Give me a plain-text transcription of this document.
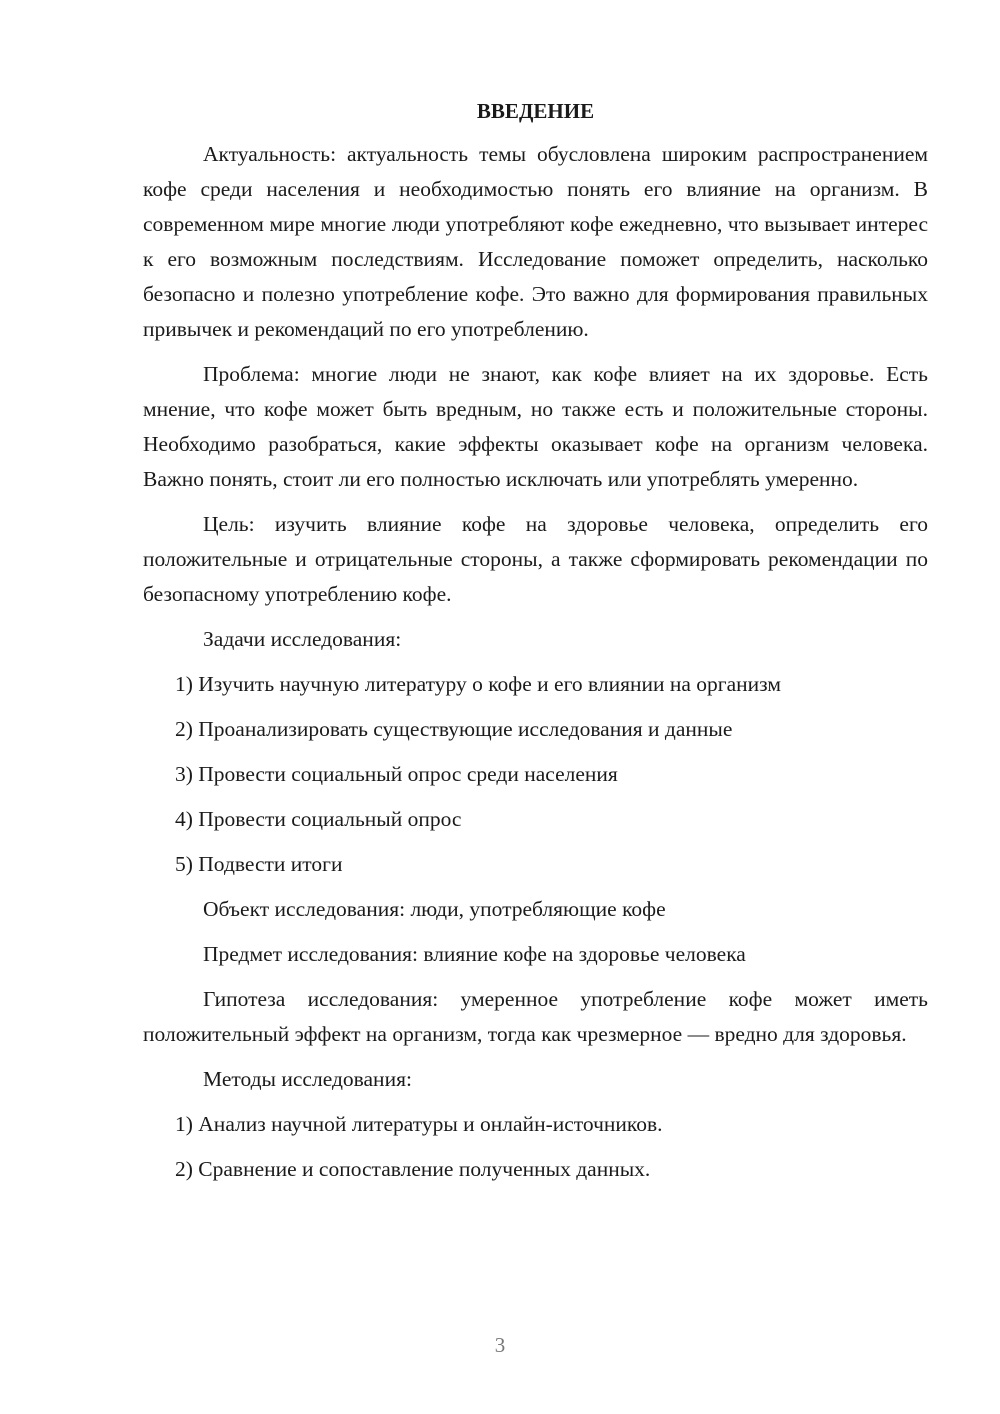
ВВЕДЕНИЕ

Актуальность: актуальность темы обусловлена широким распространением кофе среди населения и необходимостью понять его влияние на организм. В современном мире многие люди употребляют кофе ежедневно, что вызывает интерес к его возможным последствиям. Исследование поможет определить, насколько безопасно и полезно употребление кофе. Это важно для формирования правильных привычек и рекомендаций по его употреблению.

Проблема: многие люди не знают, как кофе влияет на их здоровье. Есть мнение, что кофе может быть вредным, но также есть и положительные стороны. Необходимо разобраться, какие эффекты оказывает кофе на организм человека. Важно понять, стоит ли его полностью исключать или употреблять умеренно.

Цель: изучить влияние кофе на здоровье человека, определить его положительные и отрицательные стороны, а также сформировать рекомендации по безопасному употреблению кофе.

Задачи исследования:

1) Изучить научную литературу о кофе и его влиянии на организм

2) Проанализировать существующие исследования и данные

3) Провести социальный опрос среди населения

4) Провести социальный опрос

5) Подвести итоги

Объект исследования: люди, употребляющие кофе

Предмет исследования: влияние кофе на здоровье человека

Гипотеза исследования: умеренное употребление кофе может иметь положительный эффект на организм, тогда как чрезмерное — вредно для здоровья.

Методы исследования:

1) Анализ научной литературы и онлайн-источников.

2) Сравнение и сопоставление полученных данных.

3
